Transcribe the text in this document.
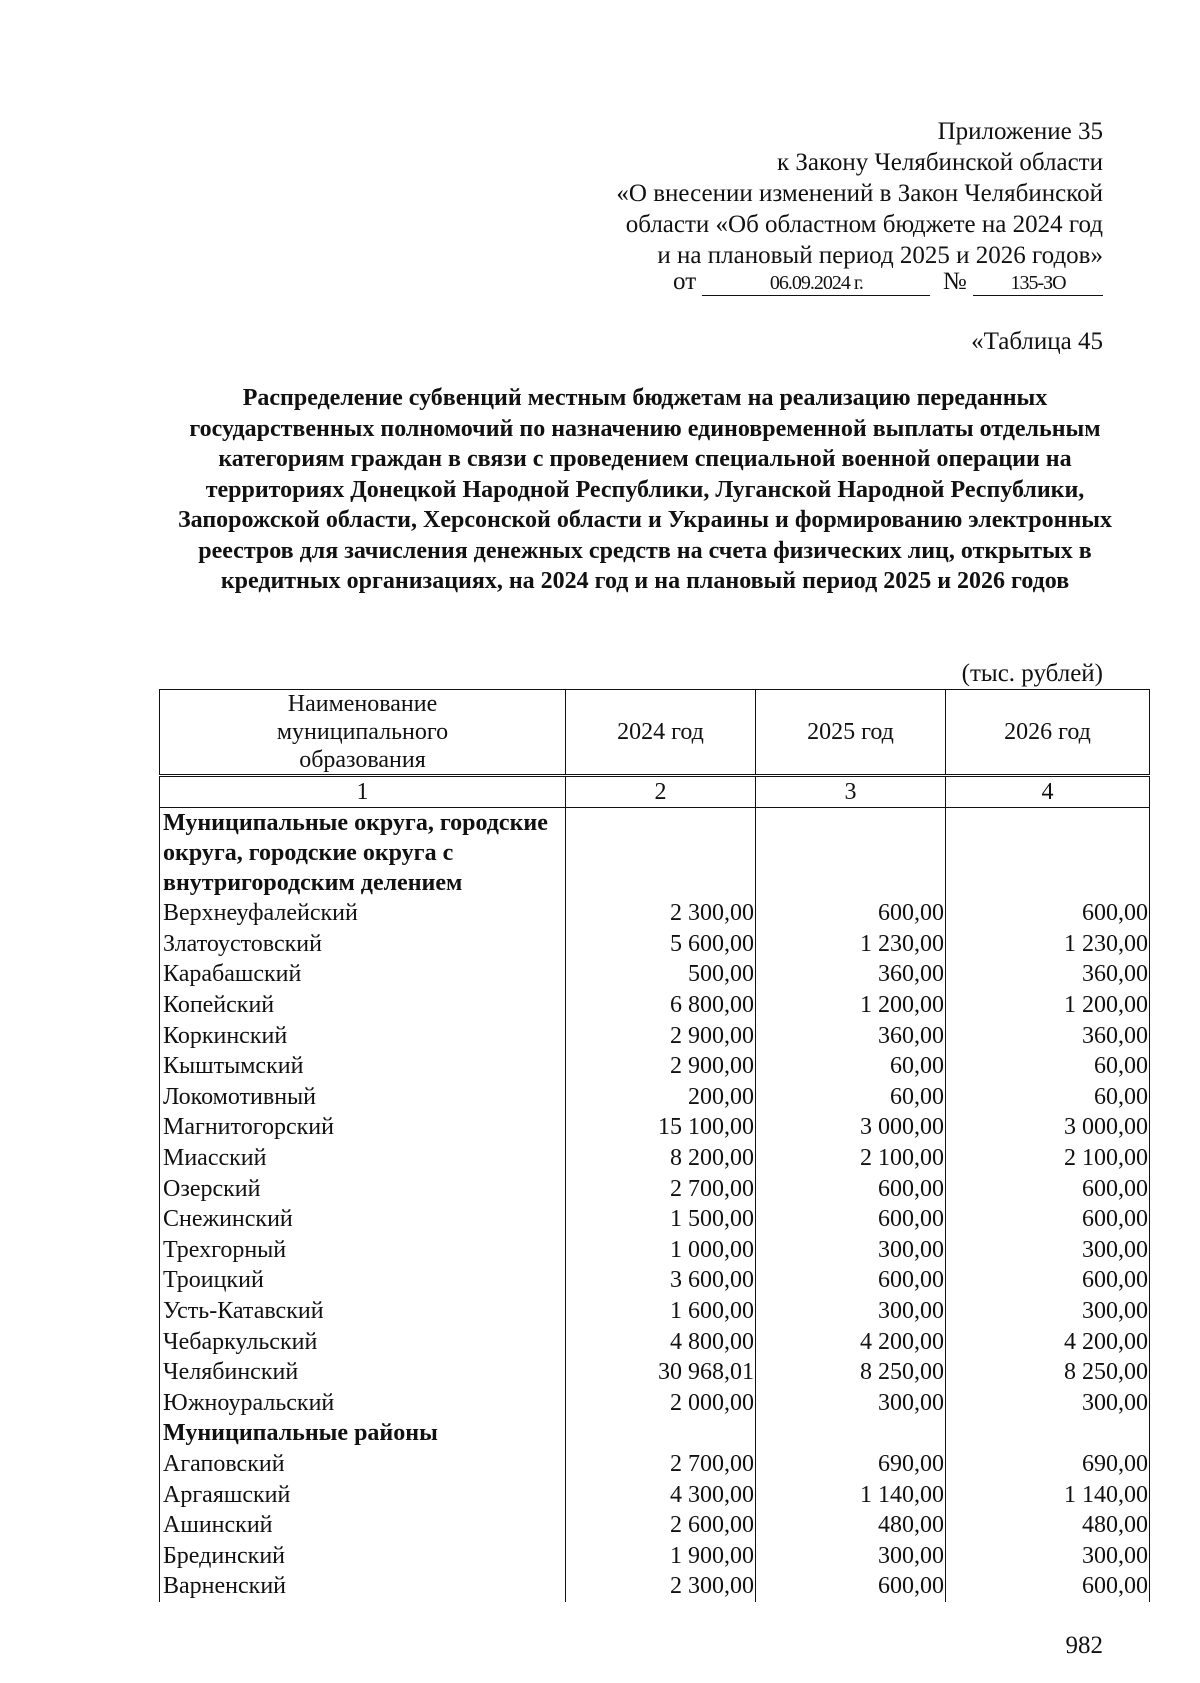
Приложение 35
к Закону Челябинской области
«О внесении изменений в Закон Челябинской
области «Об областном бюджете на 2024 год
и на плановый период 2025 и 2026 годов»
от	06.09.2024 г.	№ 135-ЗО
«Таблица 45
Распределение субвенций местным бюджетам на реализацию переданных государственных полномочий по назначению единовременной выплаты отдельным категориям граждан в связи с проведением специальной военной операции на территориях Донецкой Народной Республики, Луганской Народной Республики, Запорожской области, Херсонской области и Украины и формированию электронных реестров для зачисления денежных средств на счета физических лиц, открытых в кредитных организациях, на 2024 год и на плановый период 2025 и 2026 годов
(тыс. рублей)
Наименование муниципального образования	2024 год	2025 год	2026 год
1	2	3	4
Муниципальные округа, городские округа, городские округа с внутригородским делением			
Верхнеуфалейский	2 300,00	600,00	600,00
Златоустовский	5 600,00	1 230,00	1 230,00
Карабашский	500,00	360,00	360,00
Копейский	6 800,00	1 200,00	1 200,00
Коркинский	2 900,00	360,00	360,00
Кыштымский	2 900,00	60,00	60,00
Локомотивный	200,00	60,00	60,00
Магнитогорский	15 100,00	3 000,00	3 000,00
Миасский	8 200,00	2 100,00	2 100,00
Озерский	2 700,00	600,00	600,00
Снежинский	1 500,00	600,00	600,00
Трехгорный	1 000,00	300,00	300,00
Троицкий	3 600,00	600,00	600,00
Усть-Катавский	1 600,00	300,00	300,00
Чебаркульский	4 800,00	4 200,00	4 200,00
Челябинский	30 968,01	8 250,00	8 250,00
Южноуральский	2 000,00	300,00	300,00
Муниципальные районы			
Агаповский	2 700,00	690,00	690,00
Аргаяшский	4 300,00	1 140,00	1 140,00
Ашинский	2 600,00	480,00	480,00
Брединский	1 900,00	300,00	300,00
Варненский	2 300,00	600,00	600,00
982
